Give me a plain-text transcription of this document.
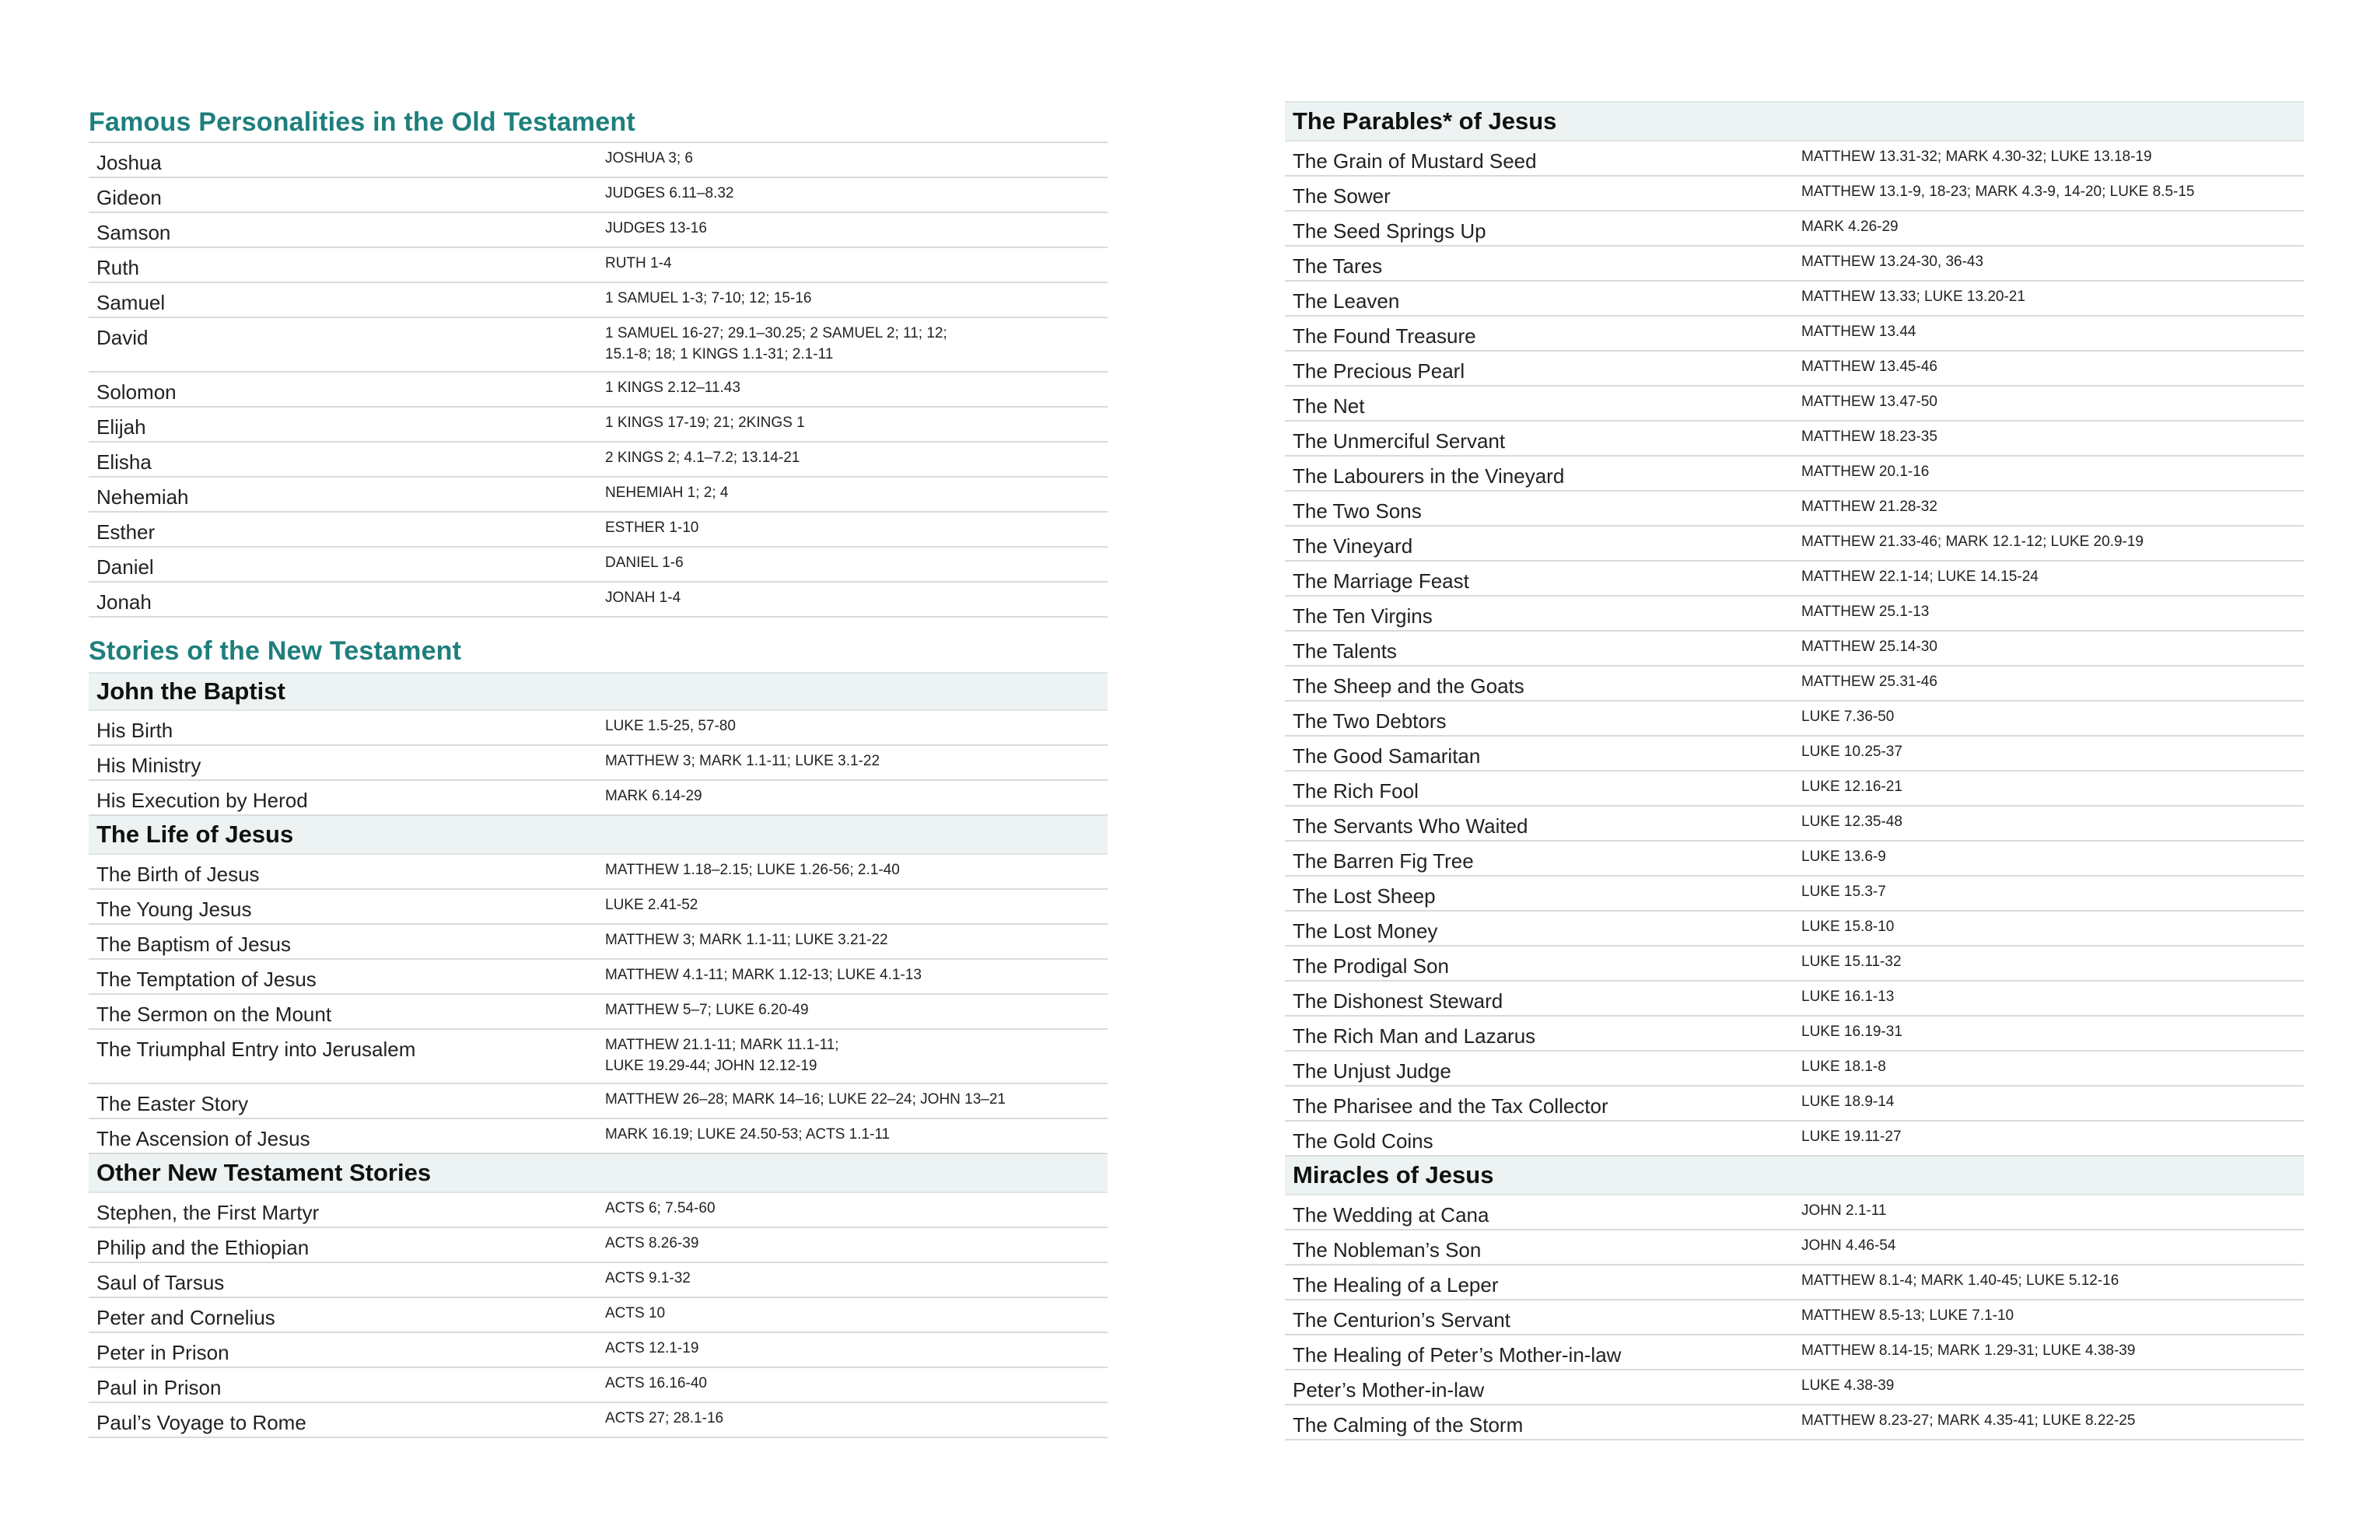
Famous Personalities in the Old Testament
Joshua	JOSHUA 3; 6
Gideon	JUDGES 6.11–8.32
Samson	JUDGES 13-16
Ruth	RUTH 1-4
Samuel	1 SAMUEL 1-3; 7-10; 12; 15-16
David	1 SAMUEL 16-27; 29.1–30.25; 2 SAMUEL 2; 11; 12;
15.1-8; 18; 1 KINGS 1.1-31; 2.1-11
Solomon	1 KINGS 2.12–11.43
Elijah	1 KINGS 17-19; 21; 2KINGS 1
Elisha	2 KINGS 2; 4.1–7.2; 13.14-21
Nehemiah	NEHEMIAH 1; 2; 4
Esther	ESTHER 1-10
Daniel	DANIEL 1-6
Jonah	JONAH 1-4
Stories of the New Testament
John the Baptist
His Birth	LUKE 1.5-25, 57-80
His Ministry	MATTHEW 3; MARK 1.1-11; LUKE 3.1-22
His Execution by Herod	MARK 6.14-29
The Life of Jesus
The Birth of Jesus	MATTHEW 1.18–2.15; LUKE 1.26-56; 2.1-40
The Young Jesus	LUKE 2.41-52
The Baptism of Jesus	MATTHEW 3; MARK 1.1-11; LUKE 3.21-22
The Temptation of Jesus	MATTHEW 4.1-11; MARK 1.12-13; LUKE 4.1-13
The Sermon on the Mount	MATTHEW 5–7; LUKE 6.20-49
The Triumphal Entry into Jerusalem	MATTHEW 21.1-11; MARK 11.1-11;
LUKE 19.29-44; JOHN 12.12-19
The Easter Story	MATTHEW 26–28; MARK 14–16; LUKE 22–24; JOHN 13–21
The Ascension of Jesus	MARK 16.19; LUKE 24.50-53; ACTS 1.1-11
Other New Testament Stories
Stephen, the First Martyr	ACTS 6; 7.54-60
Philip and the Ethiopian	ACTS 8.26-39
Saul of Tarsus	ACTS 9.1-32
Peter and Cornelius	ACTS 10
Peter in Prison	ACTS 12.1-19
Paul in Prison	ACTS 16.16-40
Paul’s Voyage to Rome	ACTS 27; 28.1-16
The Parables* of Jesus
The Grain of Mustard Seed	MATTHEW 13.31-32; MARK 4.30-32; LUKE 13.18-19
The Sower	MATTHEW 13.1-9, 18-23; MARK 4.3-9, 14-20; LUKE 8.5-15
The Seed Springs Up	MARK 4.26-29
The Tares	MATTHEW 13.24-30, 36-43
The Leaven	MATTHEW 13.33; LUKE 13.20-21
The Found Treasure	MATTHEW 13.44
The Precious Pearl	MATTHEW 13.45-46
The Net	MATTHEW 13.47-50
The Unmerciful Servant	MATTHEW 18.23-35
The Labourers in the Vineyard	MATTHEW 20.1-16
The Two Sons	MATTHEW 21.28-32
The Vineyard	MATTHEW 21.33-46; MARK 12.1-12; LUKE 20.9-19
The Marriage Feast	MATTHEW 22.1-14; LUKE 14.15-24
The Ten Virgins	MATTHEW 25.1-13
The Talents	MATTHEW 25.14-30
The Sheep and the Goats	MATTHEW 25.31-46
The Two Debtors	LUKE 7.36-50
The Good Samaritan	LUKE 10.25-37
The Rich Fool	LUKE 12.16-21
The Servants Who Waited	LUKE 12.35-48
The Barren Fig Tree	LUKE 13.6-9
The Lost Sheep	LUKE 15.3-7
The Lost Money	LUKE 15.8-10
The Prodigal Son	LUKE 15.11-32
The Dishonest Steward	LUKE 16.1-13
The Rich Man and Lazarus	LUKE 16.19-31
The Unjust Judge	LUKE 18.1-8
The Pharisee and the Tax Collector	LUKE 18.9-14
The Gold Coins	LUKE 19.11-27
Miracles of Jesus
The Wedding at Cana	JOHN 2.1-11
The Nobleman’s Son	JOHN 4.46-54
The Healing of a Leper	MATTHEW 8.1-4; MARK 1.40-45; LUKE 5.12-16
The Centurion’s Servant	MATTHEW 8.5-13; LUKE 7.1-10
The Healing of Peter’s Mother-in-law	MATTHEW 8.14-15; MARK 1.29-31; LUKE 4.38-39
Peter’s Mother-in-law	LUKE 4.38-39
The Calming of the Storm	MATTHEW 8.23-27; MARK 4.35-41; LUKE 8.22-25
